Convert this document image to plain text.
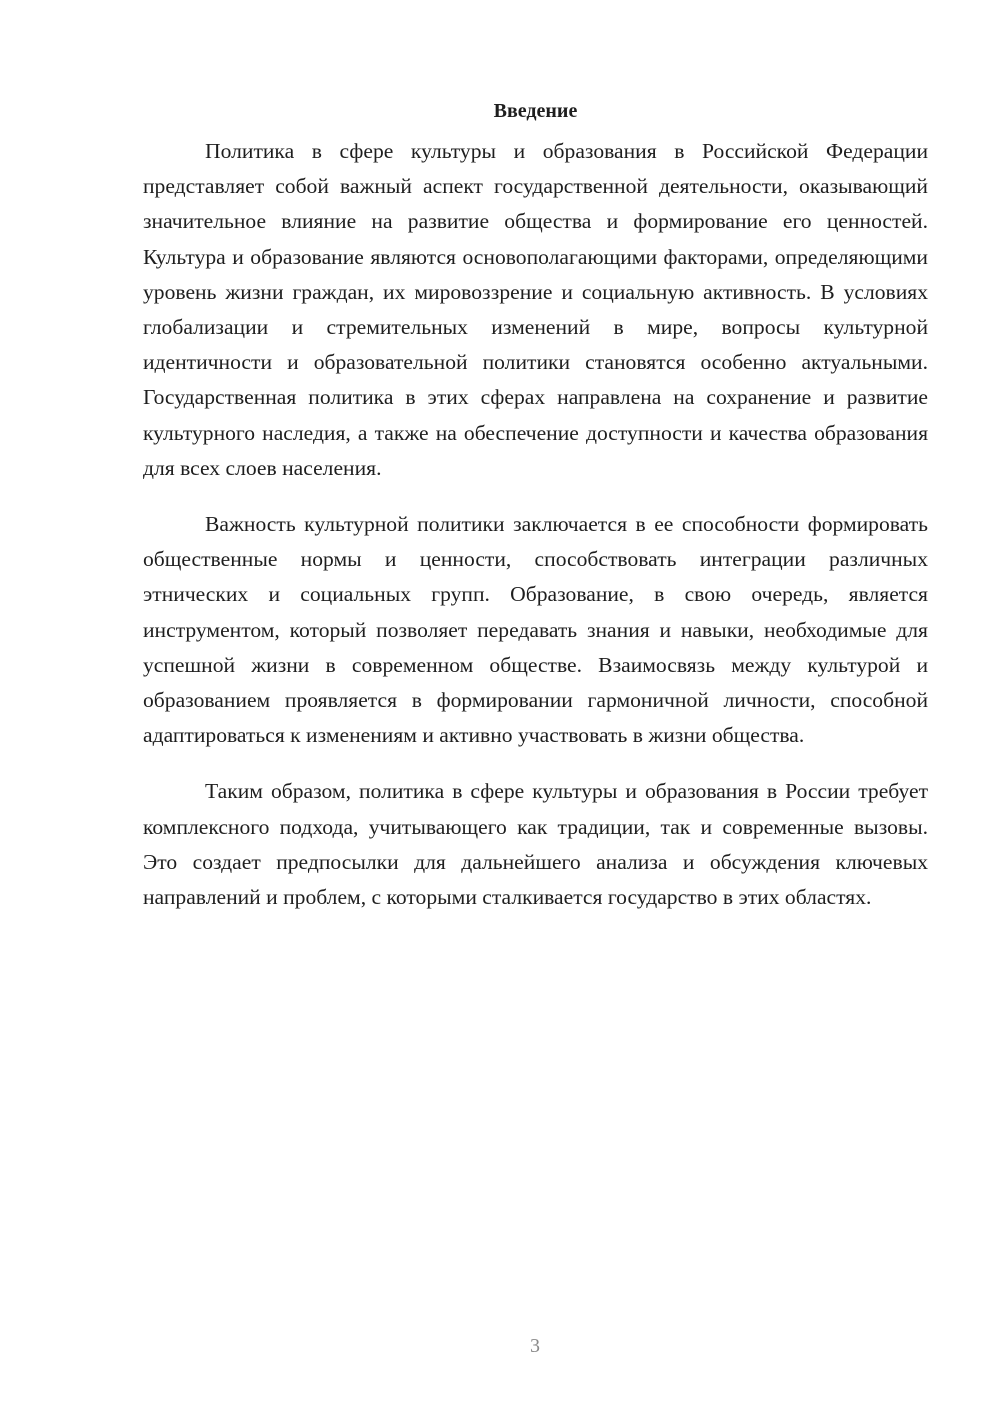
Введение

Политика в сфере культуры и образования в Российской Федерации представляет собой важный аспект государственной деятельности, оказывающий значительное влияние на развитие общества и формирование его ценностей. Культура и образование являются основополагающими факторами, определяющими уровень жизни граждан, их мировоззрение и социальную активность. В условиях глобализации и стремительных изменений в мире, вопросы культурной идентичности и образовательной политики становятся особенно актуальными. Государственная политика в этих сферах направлена на сохранение и развитие культурного наследия, а также на обеспечение доступности и качества образования для всех слоев населения.

Важность культурной политики заключается в ее способности формировать общественные нормы и ценности, способствовать интеграции различных этнических и социальных групп. Образование, в свою очередь, является инструментом, который позволяет передавать знания и навыки, необходимые для успешной жизни в современном обществе. Взаимосвязь между культурой и образованием проявляется в формировании гармоничной личности, способной адаптироваться к изменениям и активно участвовать в жизни общества.

Таким образом, политика в сфере культуры и образования в России требует комплексного подхода, учитывающего как традиции, так и современные вызовы. Это создает предпосылки для дальнейшего анализа и обсуждения ключевых направлений и проблем, с которыми сталкивается государство в этих областях.

3
